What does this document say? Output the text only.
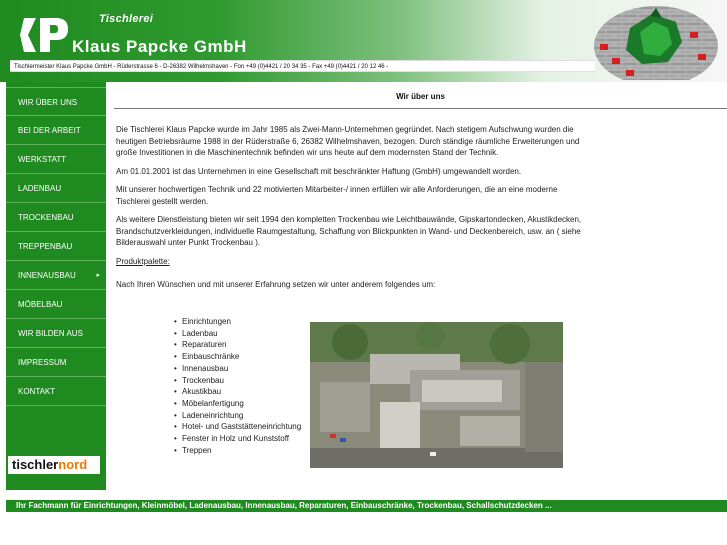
Tischlerei
Klaus Papcke GmbH
Tischlermeister Klaus Papcke GmbH - Rüderstrasse 6 - D-26382 Wilhelmshaven - Fon +49 (0)4421 / 20 34 35 - Fax +49 (0)4421 / 20 12 46 -
WIR ÜBER UNS
BEI DER ARBEIT
WERKSTATT
LADENBAU
TROCKENBAU
TREPPENBAU
INNENAUSBAU	▸
MÖBELBAU
WIR BILDEN AUS
IMPRESSUM
KONTAKT
tischlernord
Wir über uns

Die Tischlerei Klaus Papcke wurde im Jahr 1985 als Zwei-Mann-Unternehmen gegründet. Nach stetigem Aufschwung wurden die heutigen Betriebsräume 1988 in der Rüderstraße 6, 26382 Wilhelmshaven, bezogen. Durch ständige räumliche Erweiterungen und große Investitionen in die Maschinentechnik befinden wir uns heute auf dem modernsten Stand der Technik.

Am 01.01.2001 ist das Unternehmen in eine Gesellschaft mit beschränkter Haftung (GmbH) umgewandelt worden.

Mit unserer hochwertigen Technik und 22 motivierten Mitarbeiter-/ innen erfüllen wir alle Anforderungen, die an eine moderne Tischlerei gestellt werden.

Als weitere Dienstleistung bieten wir seit 1994 den kompletten Trockenbau wie Leichtbauwände, Gipskartondecken, Akustikdecken, Brandschutzverkleidungen, individuelle Raumgestaltung, Schaffung von Blickpunkten in Wand- und Deckenbereich, usw. an ( siehe Bilderauswahl unter Punkt Trockenbau ).

Produktpalette:

Nach Ihren Wünschen und mit unserer Erfahrung setzen wir unter anderem folgendes um:

• Einrichtungen
• Ladenbau
• Reparaturen
• Einbauschränke
• Innenausbau
• Trockenbau
• Akustikbau
• Möbelanfertigung
• Ladeneinrichtung
• Hotel- und Gaststätteneinrichtung
• Fenster in Holz und Kunststoff
• Treppen
Ihr Fachmann für Einrichtungen, Kleinmöbel, Ladenausbau, Innenausbau, Reparaturen, Einbauschränke, Trockenbau, Schallschutzdecken ...
